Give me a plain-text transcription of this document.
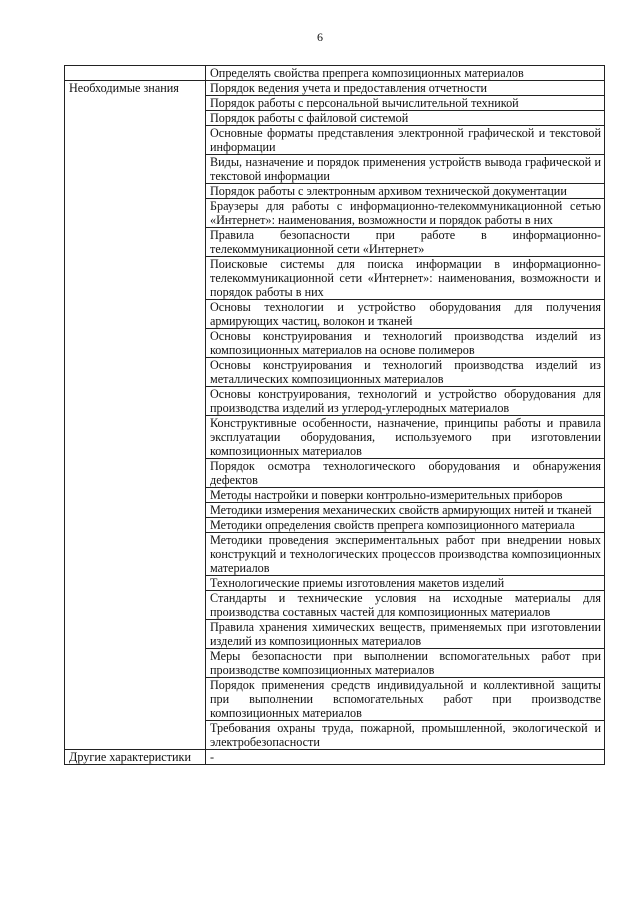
6
	Определять свойства препрега композиционных материалов
Необходимые знания	Порядок ведения учета и предоставления отчетности
	Порядок работы с персональной вычислительной техникой
	Порядок работы с файловой системой
	Основные форматы представления электронной графической и текстовой информации
	Виды, назначение и порядок применения устройств вывода графической и текстовой информации
	Порядок работы с электронным архивом технической документации
	Браузеры для работы с информационно-телекоммуникационной сетью «Интернет»: наименования, возможности и порядок работы в них
	Правила безопасности при работе в информационно-телекоммуникационной сети «Интернет»
	Поисковые системы для поиска информации в информационно-телекоммуникационной сети «Интернет»: наименования, возможности и порядок работы в них
	Основы технологии и устройство оборудования для получения армирующих частиц, волокон и тканей
	Основы конструирования и технологий производства изделий из композиционных материалов на основе полимеров
	Основы конструирования и технологий производства изделий из металлических композиционных материалов
	Основы конструирования, технологий и устройство оборудования для производства изделий из углерод-углеродных материалов
	Конструктивные особенности, назначение, принципы работы и правила эксплуатации оборудования, используемого при изготовлении композиционных материалов
	Порядок осмотра технологического оборудования и обнаружения дефектов
	Методы настройки и поверки контрольно-измерительных приборов
	Методики измерения механических свойств армирующих нитей и тканей
	Методики определения свойств препрега композиционного материала
	Методики проведения экспериментальных работ при внедрении новых конструкций и технологических процессов производства композиционных материалов
	Технологические приемы изготовления макетов изделий
	Стандарты и технические условия на исходные материалы для производства составных частей для композиционных материалов
	Правила хранения химических веществ, применяемых при изготовлении изделий из композиционных материалов
	Меры безопасности при выполнении вспомогательных работ при производстве композиционных материалов
	Порядок применения средств индивидуальной и коллективной защиты при выполнении вспомогательных работ при производстве композиционных материалов
	Требования охраны труда, пожарной, промышленной, экологической и электробезопасности
Другие характеристики	-
